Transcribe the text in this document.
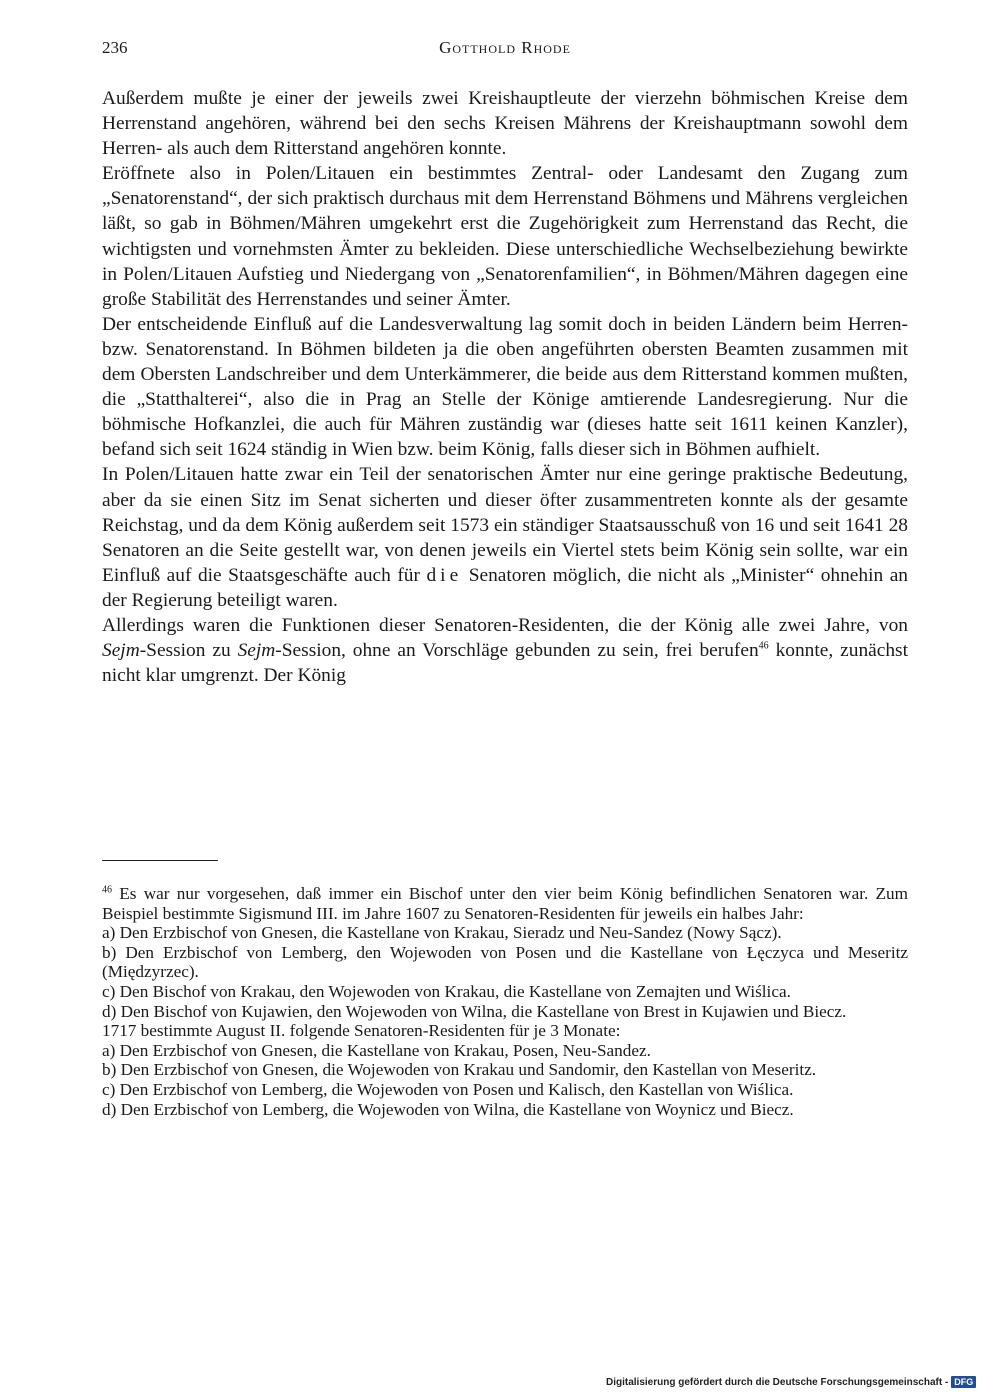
236	Gotthold Rhode

Außerdem mußte je einer der jeweils zwei Kreishauptleute der vierzehn böhmischen Kreise dem Herrenstand angehören, während bei den sechs Kreisen Mährens der Kreishauptmann sowohl dem Herren- als auch dem Ritterstand angehören konnte.

Eröffnete also in Polen/Litauen ein bestimmtes Zentral- oder Landesamt den Zugang zum „Senatorenstand“, der sich praktisch durchaus mit dem Herrenstand Böhmens und Mährens vergleichen läßt, so gab in Böhmen/Mähren umgekehrt erst die Zugehörigkeit zum Herrenstand das Recht, die wichtigsten und vornehmsten Ämter zu bekleiden. Diese unterschiedliche Wechselbeziehung bewirkte in Polen/Litauen Aufstieg und Niedergang von „Senatorenfamilien“, in Böhmen/Mähren dagegen eine große Stabilität des Herrenstandes und seiner Ämter.

Der entscheidende Einfluß auf die Landesverwaltung lag somit doch in beiden Ländern beim Herren- bzw. Senatorenstand. In Böhmen bildeten ja die oben angeführten obersten Beamten zusammen mit dem Obersten Landschreiber und dem Unterkämmerer, die beide aus dem Ritterstand kommen mußten, die „Statthalterei“, also die in Prag an Stelle der Könige amtierende Landesregierung. Nur die böhmische Hofkanzlei, die auch für Mähren zuständig war (dieses hatte seit 1611 keinen Kanzler), befand sich seit 1624 ständig in Wien bzw. beim König, falls dieser sich in Böhmen aufhielt.

In Polen/Litauen hatte zwar ein Teil der senatorischen Ämter nur eine geringe praktische Bedeutung, aber da sie einen Sitz im Senat sicherten und dieser öfter zusammentreten konnte als der gesamte Reichstag, und da dem König außerdem seit 1573 ein ständiger Staatsausschuß von 16 und seit 1641 28 Senatoren an die Seite gestellt war, von denen jeweils ein Viertel stets beim König sein sollte, war ein Einfluß auf die Staatsgeschäfte auch für die Senatoren möglich, die nicht als „Minister“ ohnehin an der Regierung beteiligt waren.

Allerdings waren die Funktionen dieser Senatoren-Residenten, die der König alle zwei Jahre, von Sejm-Session zu Sejm-Session, ohne an Vorschläge gebunden zu sein, frei berufen$^{46}$ konnte, zunächst nicht klar umgrenzt. Der König

$^{46}$ Es war nur vorgesehen, daß immer ein Bischof unter den vier beim König befindlichen Senatoren war. Zum Beispiel bestimmte Sigismund III. im Jahre 1607 zu Senatoren-Residenten für jeweils ein halbes Jahr:

a) Den Erzbischof von Gnesen, die Kastellane von Krakau, Sieradz und Neu-Sandez (Nowy Sącz).

b) Den Erzbischof von Lemberg, den Wojewoden von Posen und die Kastellane von Łęczyca und Meseritz (Międzyrzec).

c) Den Bischof von Krakau, den Wojewoden von Krakau, die Kastellane von Zemajten und Wiślica.

d) Den Bischof von Kujawien, den Wojewoden von Wilna, die Kastellane von Brest in Kujawien und Biecz.

1717 bestimmte August II. folgende Senatoren-Residenten für je 3 Monate:

a) Den Erzbischof von Gnesen, die Kastellane von Krakau, Posen, Neu-Sandez.

b) Den Erzbischof von Gnesen, die Wojewoden von Krakau und Sandomir, den Kastellan von Meseritz.

c) Den Erzbischof von Lemberg, die Wojewoden von Posen und Kalisch, den Kastellan von Wiślica.

d) Den Erzbischof von Lemberg, die Wojewoden von Wilna, die Kastellane von Woynicz und Biecz.

Digitalisierung gefördert durch die Deutsche Forschungsgemeinschaft - DFG
